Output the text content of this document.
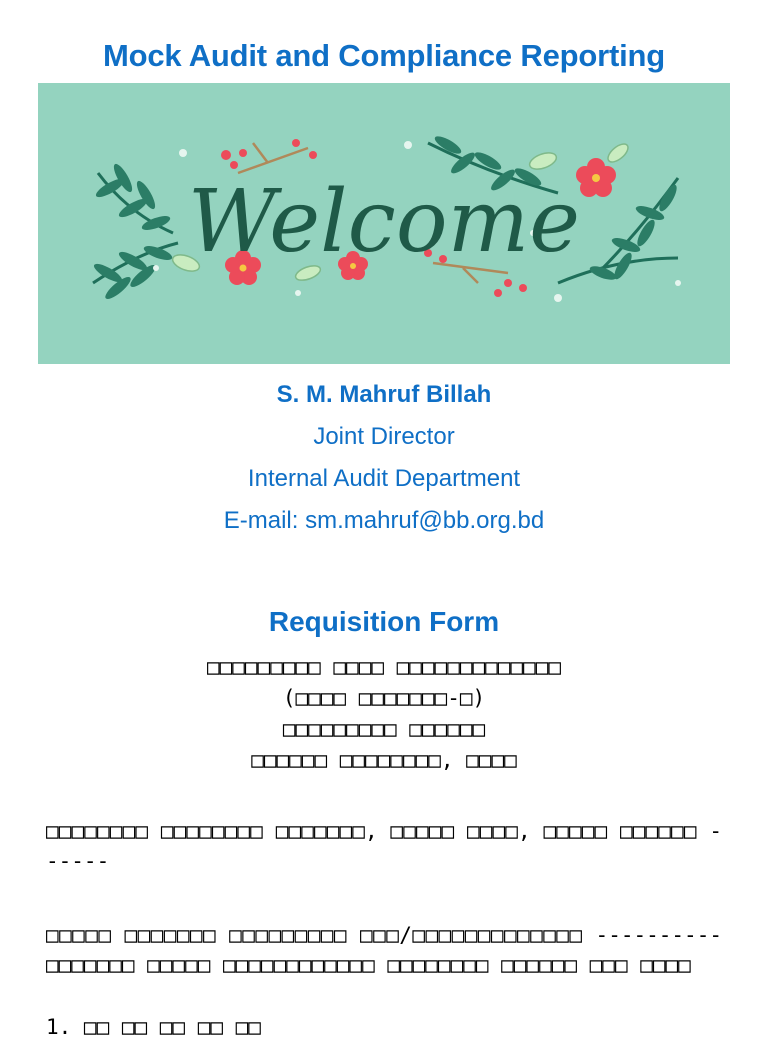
Mock Audit and Compliance Reporting
Welcome
S. M. Mahruf Billah
Joint Director
Internal Audit Department
E-mail: sm.mahruf@bb.org.bd
Requisition Form
□□□□□□□□□ □□□□ □□□□□□□□□□□□□
(□□□□ □□□□□□□-□)
□□□□□□□□□ □□□□□□
□□□□□□ □□□□□□□□, □□□□
□□□□□□□□ □□□□□□□□ □□□□□□□, □□□□□ □□□□, □□□□□ □□□□□□ ------
□□□□□ □□□□□□□ □□□□□□□□□ □□□/□□□□□□□□□□□□□ ---------- □□□□□□□ □□□□□ □□□□□□□□□□□□ □□□□□□□□ □□□□□□ □□□ □□□□
1. □□ □□ □□ □□ □□
